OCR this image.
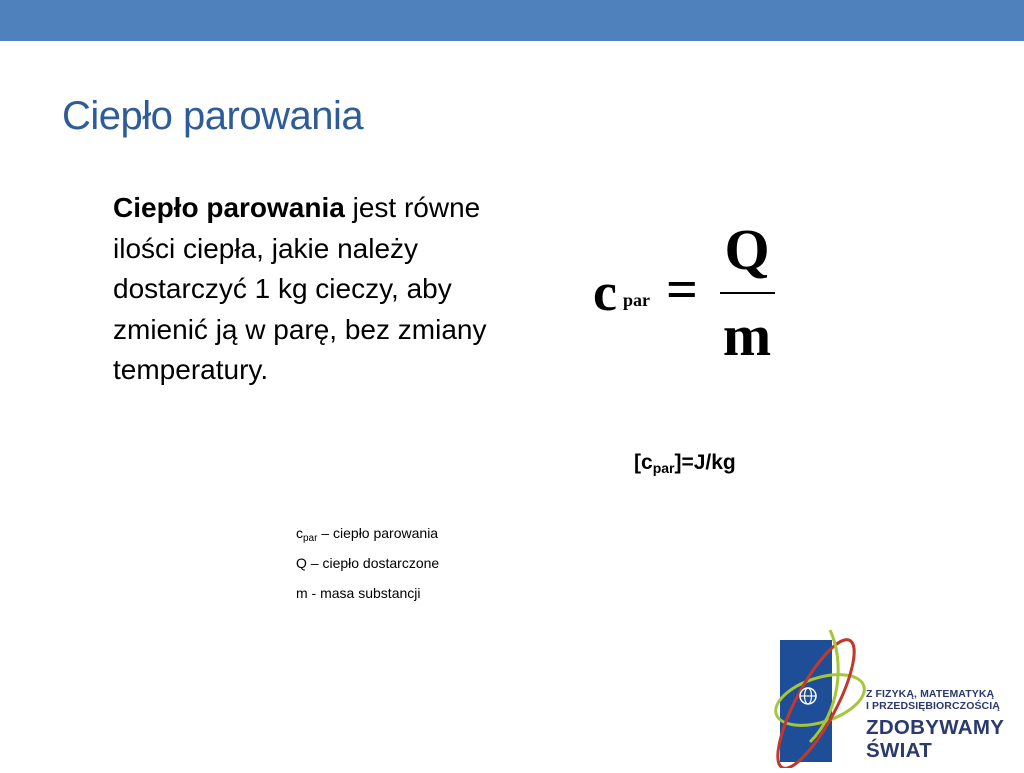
Ciepło parowania

Ciepło parowania jest równe ilości ciepła, jakie należy dostarczyć 1 kg cieczy, aby zmienić ją w parę, bez zmiany temperatury.

c par =
Q
m
$[c_{par}]=J/kg$
$c_{par}$ – ciepło parowania
Q – ciepło dostarczone
m - masa substancji
Z FIZYKĄ, MATEMATYKĄ
I PRZEDSIĘBIORCZOŚCIĄ
ZDOBYWAMY
ŚWIAT
